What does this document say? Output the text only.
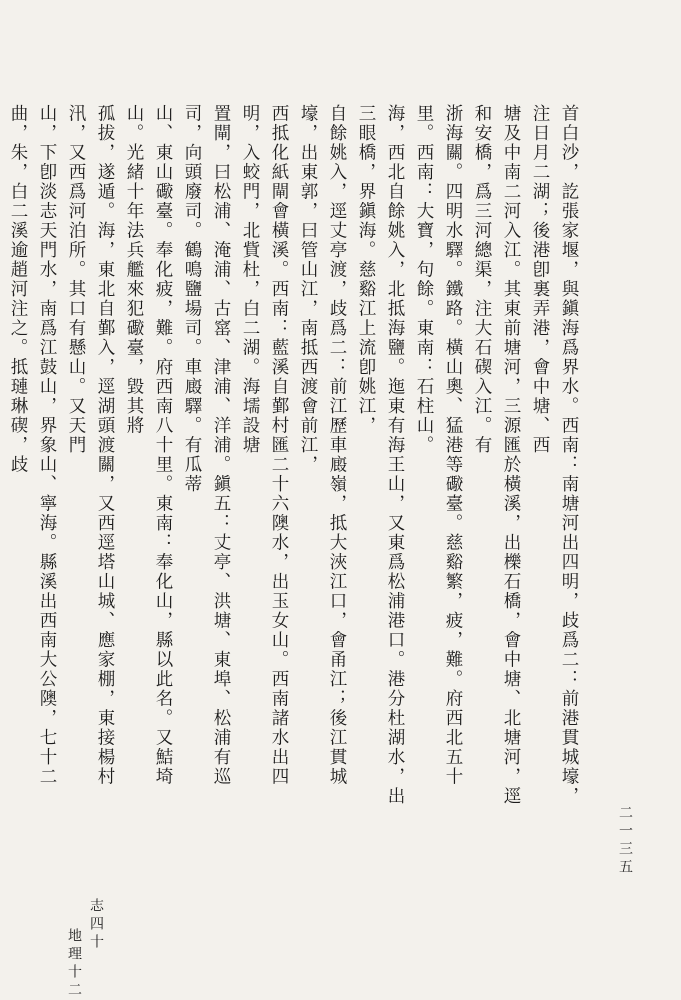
首白沙，訖張家堰，與鎭海爲界水。西南：南塘河出四明，歧爲二：前港貫城壕，注日月二湖；後港卽裏弄港，會中塘、西
塘及中南二河入江。其東前塘河，三源匯於橫溪，出櫟石橋，會中塘、北塘河，逕和安橋，爲三河總渠，注大石碶入江。有
浙海關。四明水驛。鐵路。橫山奧、猛港等礮臺。慈谿繁，疲，難。府西北五十里。西南：大寶，句餘。東南：石柱山。
海，西北自餘姚入，北抵海鹽。迤東有海王山，又東爲松浦港口。港分杜湖水，出三眼橋，界鎭海。慈谿江上流卽姚江，
自餘姚入，逕丈亭渡，歧爲二：前江歷車廄嶺，抵大浹江口，會甬江；後江貫城壕，出東郭，曰管山江，南抵西渡會前江，
西抵化紙閘會橫溪。西南：藍溪自鄞村匯二十六隩水，出玉女山。西南諸水出四明，入蛟門，北貲杜，白二湖。海壖設塘
置閘，曰松浦、淹浦、古窰、津浦、洋浦。鎭五：丈亭、洪塘、東埠、松浦有巡司，向頭廢司。鶴鳴鹽場司。車廄驛。有瓜蒂
山、東山礮臺。奉化疲，難。府西南八十里。東南：奉化山，縣以此名。又鮚埼山。光緒十年法兵艦來犯礮臺，毀其將
孤拔，遂遁。海，東北自鄞入，逕湖頭渡關，又西逕塔山城、應家棚，東接楊村汛，又西爲河泊所。其口有懸山。又天門
山，下卽淡志天門水，南爲江鼓山，界象山、寧海。縣溪出西南大公隩，七十二曲，朱，白二溪逾趙河注之。抵璉琳碶，歧
二一三五
志四十
地理十二
